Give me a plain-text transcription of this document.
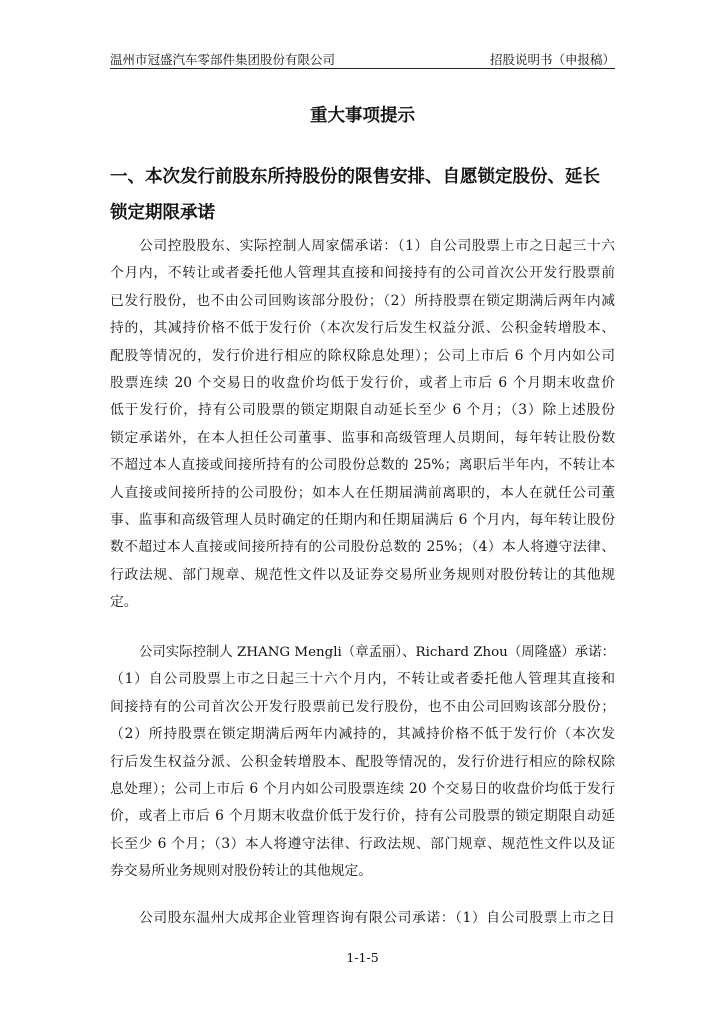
温州市冠盛汽车零部件集团股份有限公司	招股说明书（申报稿）
重大事项提示
一、本次发行前股东所持股份的限售安排、自愿锁定股份、延长
锁定期限承诺
公司控股股东、实际控制人周家儒承诺：（1）自公司股票上市之日起三十六
个月内，不转让或者委托他人管理其直接和间接持有的公司首次公开发行股票前
已发行股份，也不由公司回购该部分股份；（2）所持股票在锁定期满后两年内减
持的，其减持价格不低于发行价（本次发行后发生权益分派、公积金转增股本、
配股等情况的，发行价进行相应的除权除息处理）；公司上市后 6 个月内如公司
股票连续 20 个交易日的收盘价均低于发行价，或者上市后 6 个月期末收盘价
低于发行价，持有公司股票的锁定期限自动延长至少 6 个月；（3）除上述股份
锁定承诺外，在本人担任公司董事、监事和高级管理人员期间，每年转让股份数
不超过本人直接或间接所持有的公司股份总数的 25%；离职后半年内，不转让本
人直接或间接所持的公司股份；如本人在任期届满前离职的，本人在就任公司董
事、监事和高级管理人员时确定的任期内和任期届满后 6 个月内，每年转让股份
数不超过本人直接或间接所持有的公司股份总数的 25%；（4）本人将遵守法律、
行政法规、部门规章、规范性文件以及证券交易所业务规则对股份转让的其他规
定。
公司实际控制人 ZHANG Mengli（章孟丽）、Richard Zhou（周隆盛）承诺：
（1）自公司股票上市之日起三十六个月内，不转让或者委托他人管理其直接和
间接持有的公司首次公开发行股票前已发行股份，也不由公司回购该部分股份；
（2）所持股票在锁定期满后两年内减持的，其减持价格不低于发行价（本次发
行后发生权益分派、公积金转增股本、配股等情况的，发行价进行相应的除权除
息处理）；公司上市后 6 个月内如公司股票连续 20 个交易日的收盘价均低于发行
价，或者上市后 6 个月期末收盘价低于发行价，持有公司股票的锁定期限自动延
长至少 6 个月；（3）本人将遵守法律、行政法规、部门规章、规范性文件以及证
券交易所业务规则对股份转让的其他规定。
公司股东温州大成邦企业管理咨询有限公司承诺：（1）自公司股票上市之日
1-1-5
